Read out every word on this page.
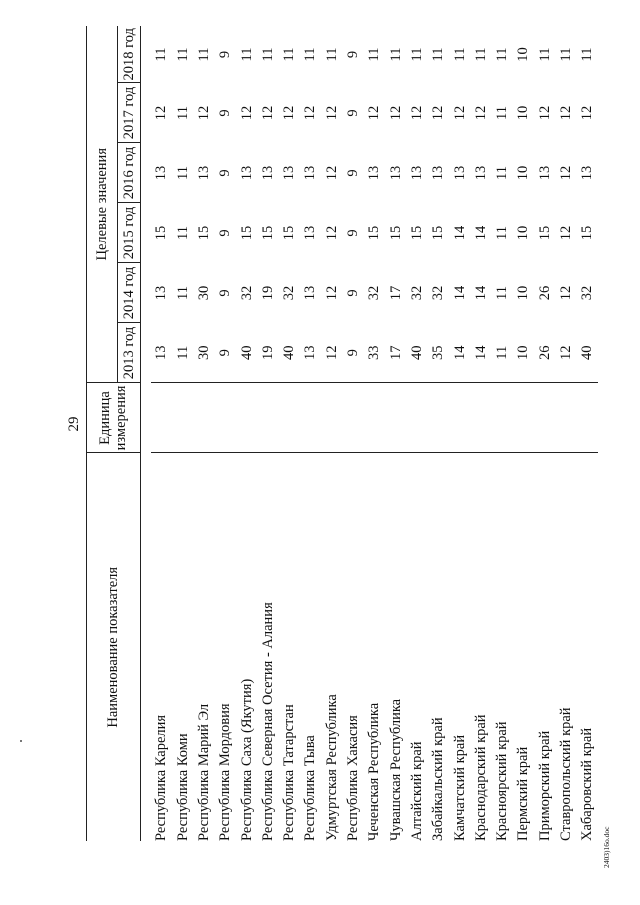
29
2403)16о.doc
Наименование показателя	Единица
измерения	Целевые значения					
		2013 год	2014 год	2015 год	2016 год	2017 год	2018 год

Республика Карелия		13	13	15	13	12	11
Республика Коми		11	11	11	11	11	11
Республика Марий Эл		30	30	15	13	12	11
Республика Мордовия		9	9	9	9	9	9
Республика Саха (Якутия)		40	32	15	13	12	11
Республика Северная Осетия - Алания		19	19	15	13	12	11
Республика Татарстан		40	32	15	13	12	11
Республика Тыва		13	13	13	13	12	11
Удмуртская Республика		12	12	12	12	12	11
Республика Хакасия		9	9	9	9	9	9
Чеченская Республика		33	32	15	13	12	11
Чувашская Республика		17	17	15	13	12	11
Алтайский край		40	32	15	13	12	11
Забайкальский край		35	32	15	13	12	11
Камчатский край		14	14	14	13	12	11
Краснодарский край		14	14	14	13	12	11
Красноярский край		11	11	11	11	11	11
Пермский край		10	10	10	10	10	10
Приморский край		26	26	15	13	12	11
Ставропольский край		12	12	12	12	12	11
Хабаровский край		40	32	15	13	12	11
